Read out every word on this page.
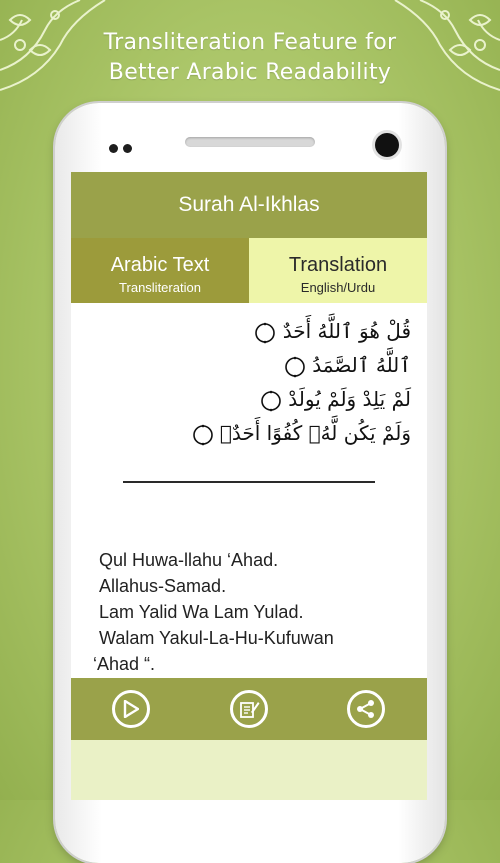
Transliteration Feature for
Better Arabic Readability
Surah Al-Ikhlas
Arabic Text
Transliteration
Translation
English/Urdu
قُلْ هُوَ ٱللَّهُ أَحَدٌ
ٱللَّهُ ٱلصَّمَدُ
لَمْ يَلِدْ وَلَمْ يُولَدْ
وَلَمْ يَكُن لَّهُۥ كُفُوًا أَحَدٌۢ
Qul Huwa-llahu ‘Ahad.
Allahus-Samad.
Lam Yalid Wa Lam Yulad.
Walam Yakul-La-Hu-Kufuwan
‘Ahad “.
